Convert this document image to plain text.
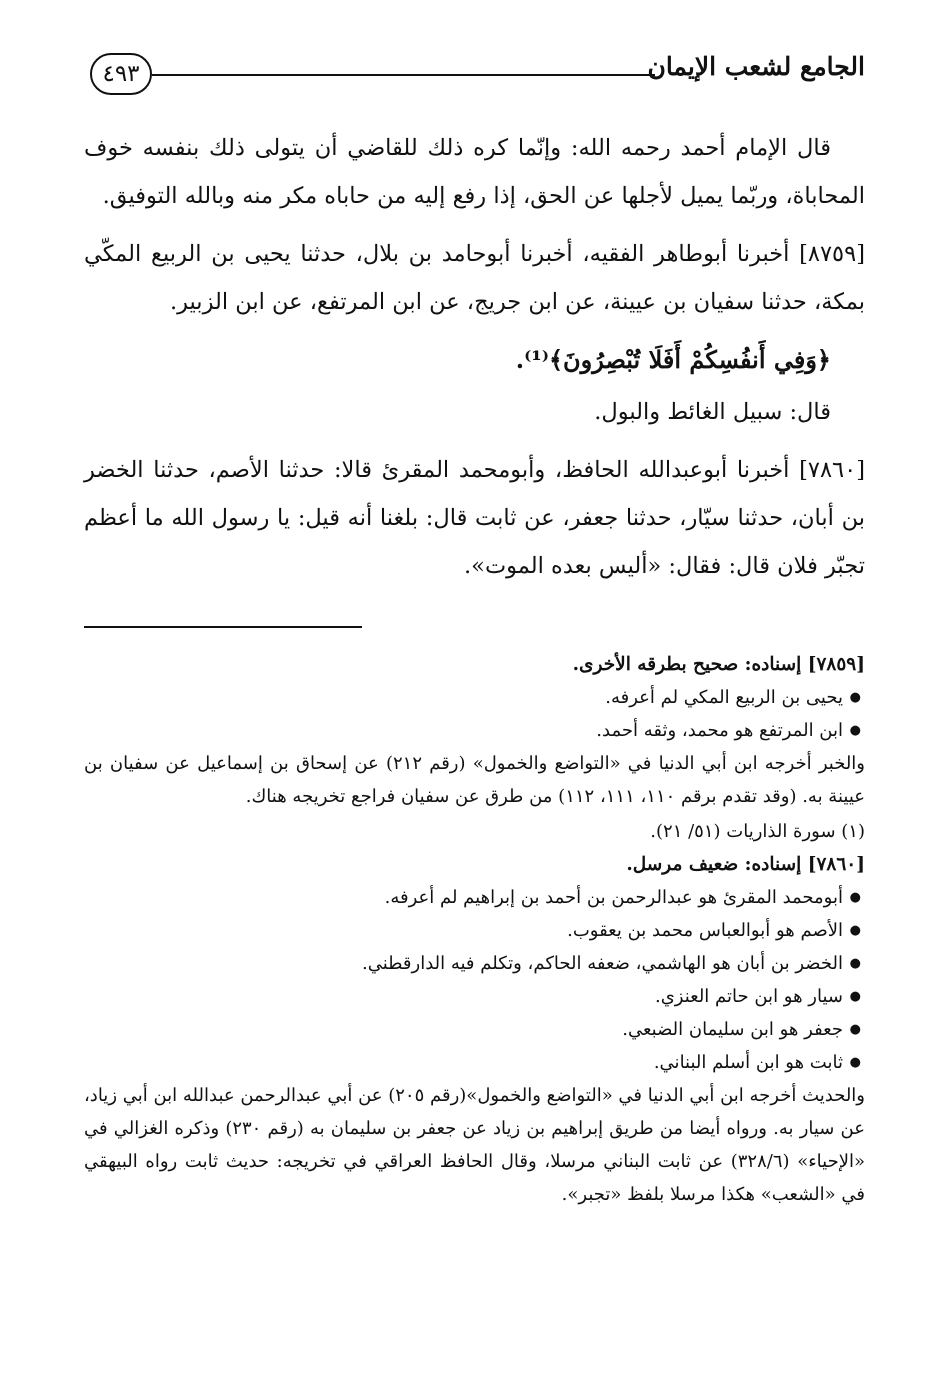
الجامع لشعب الإيمان
٤٩٣

قال الإمام أحمد رحمه الله: وإنّما كره ذلك للقاضي أن يتولى ذلك بنفسه خوف المحاباة، وربّما يميل لأجلها عن الحق، إذا رفع إليه من حاباه مكر منه وبالله التوفيق.

[٨٧٥٩] أخبرنا أبوطاهر الفقيه، أخبرنا أبوحامد بن بلال، حدثنا يحيى بن الربيع المكّي بمكة، حدثنا سفيان بن عيينة، عن ابن جريج، عن ابن المرتفع، عن ابن الزبير.

﴿وَفِي أَنفُسِكُمْ أَفَلَا تُبْصِرُونَ﴾⁽¹⁾.

قال: سبيل الغائط والبول.

[٧٨٦٠] أخبرنا أبوعبدالله الحافظ، وأبومحمد المقرئ قالا: حدثنا الأصم، حدثنا الخضر بن أبان، حدثنا سيّار، حدثنا جعفر، عن ثابت قال: بلغنا أنه قيل: يا رسول الله ما أعظم تجبّر فلان قال: فقال: «أليس بعده الموت».

[٧٨٥٩] إسناده: صحيح بطرقه الأخرى.

● يحيى بن الربيع المكي لم أعرفه.
● ابن المرتفع هو محمد، وثقه أحمد.

والخبر أخرجه ابن أبي الدنيا في «التواضع والخمول» (رقم ٢١٢) عن إسحاق بن إسماعيل عن سفيان بن عيينة به. (وقد تقدم برقم ١١٠، ١١١، ١١٢) من طرق عن سفيان فراجع تخريجه هناك.

(١) سورة الذاريات (٥١/ ٢١).

[٧٨٦٠] إسناده: ضعيف مرسل.

● أبومحمد المقرئ هو عبدالرحمن بن أحمد بن إبراهيم لم أعرفه.
● الأصم هو أبوالعباس محمد بن يعقوب.
● الخضر بن أبان هو الهاشمي، ضعفه الحاكم، وتكلم فيه الدارقطني.
● سيار هو ابن حاتم العنزي.
● جعفر هو ابن سليمان الضبعي.
● ثابت هو ابن أسلم البناني.

والحديث أخرجه ابن أبي الدنيا في «التواضع والخمول»(رقم ٢٠٥) عن أبي عبدالرحمن عبدالله ابن أبي زياد، عن سيار به. ورواه أيضا من طريق إبراهيم بن زياد عن جعفر بن سليمان به (رقم ٢٣٠) وذكره الغزالي في «الإحياء» (٣٢٨/٦) عن ثابت البناني مرسلا، وقال الحافظ العراقي في تخريجه: حديث ثابت رواه البيهقي في «الشعب» هكذا مرسلا بلفظ «تجبر».
